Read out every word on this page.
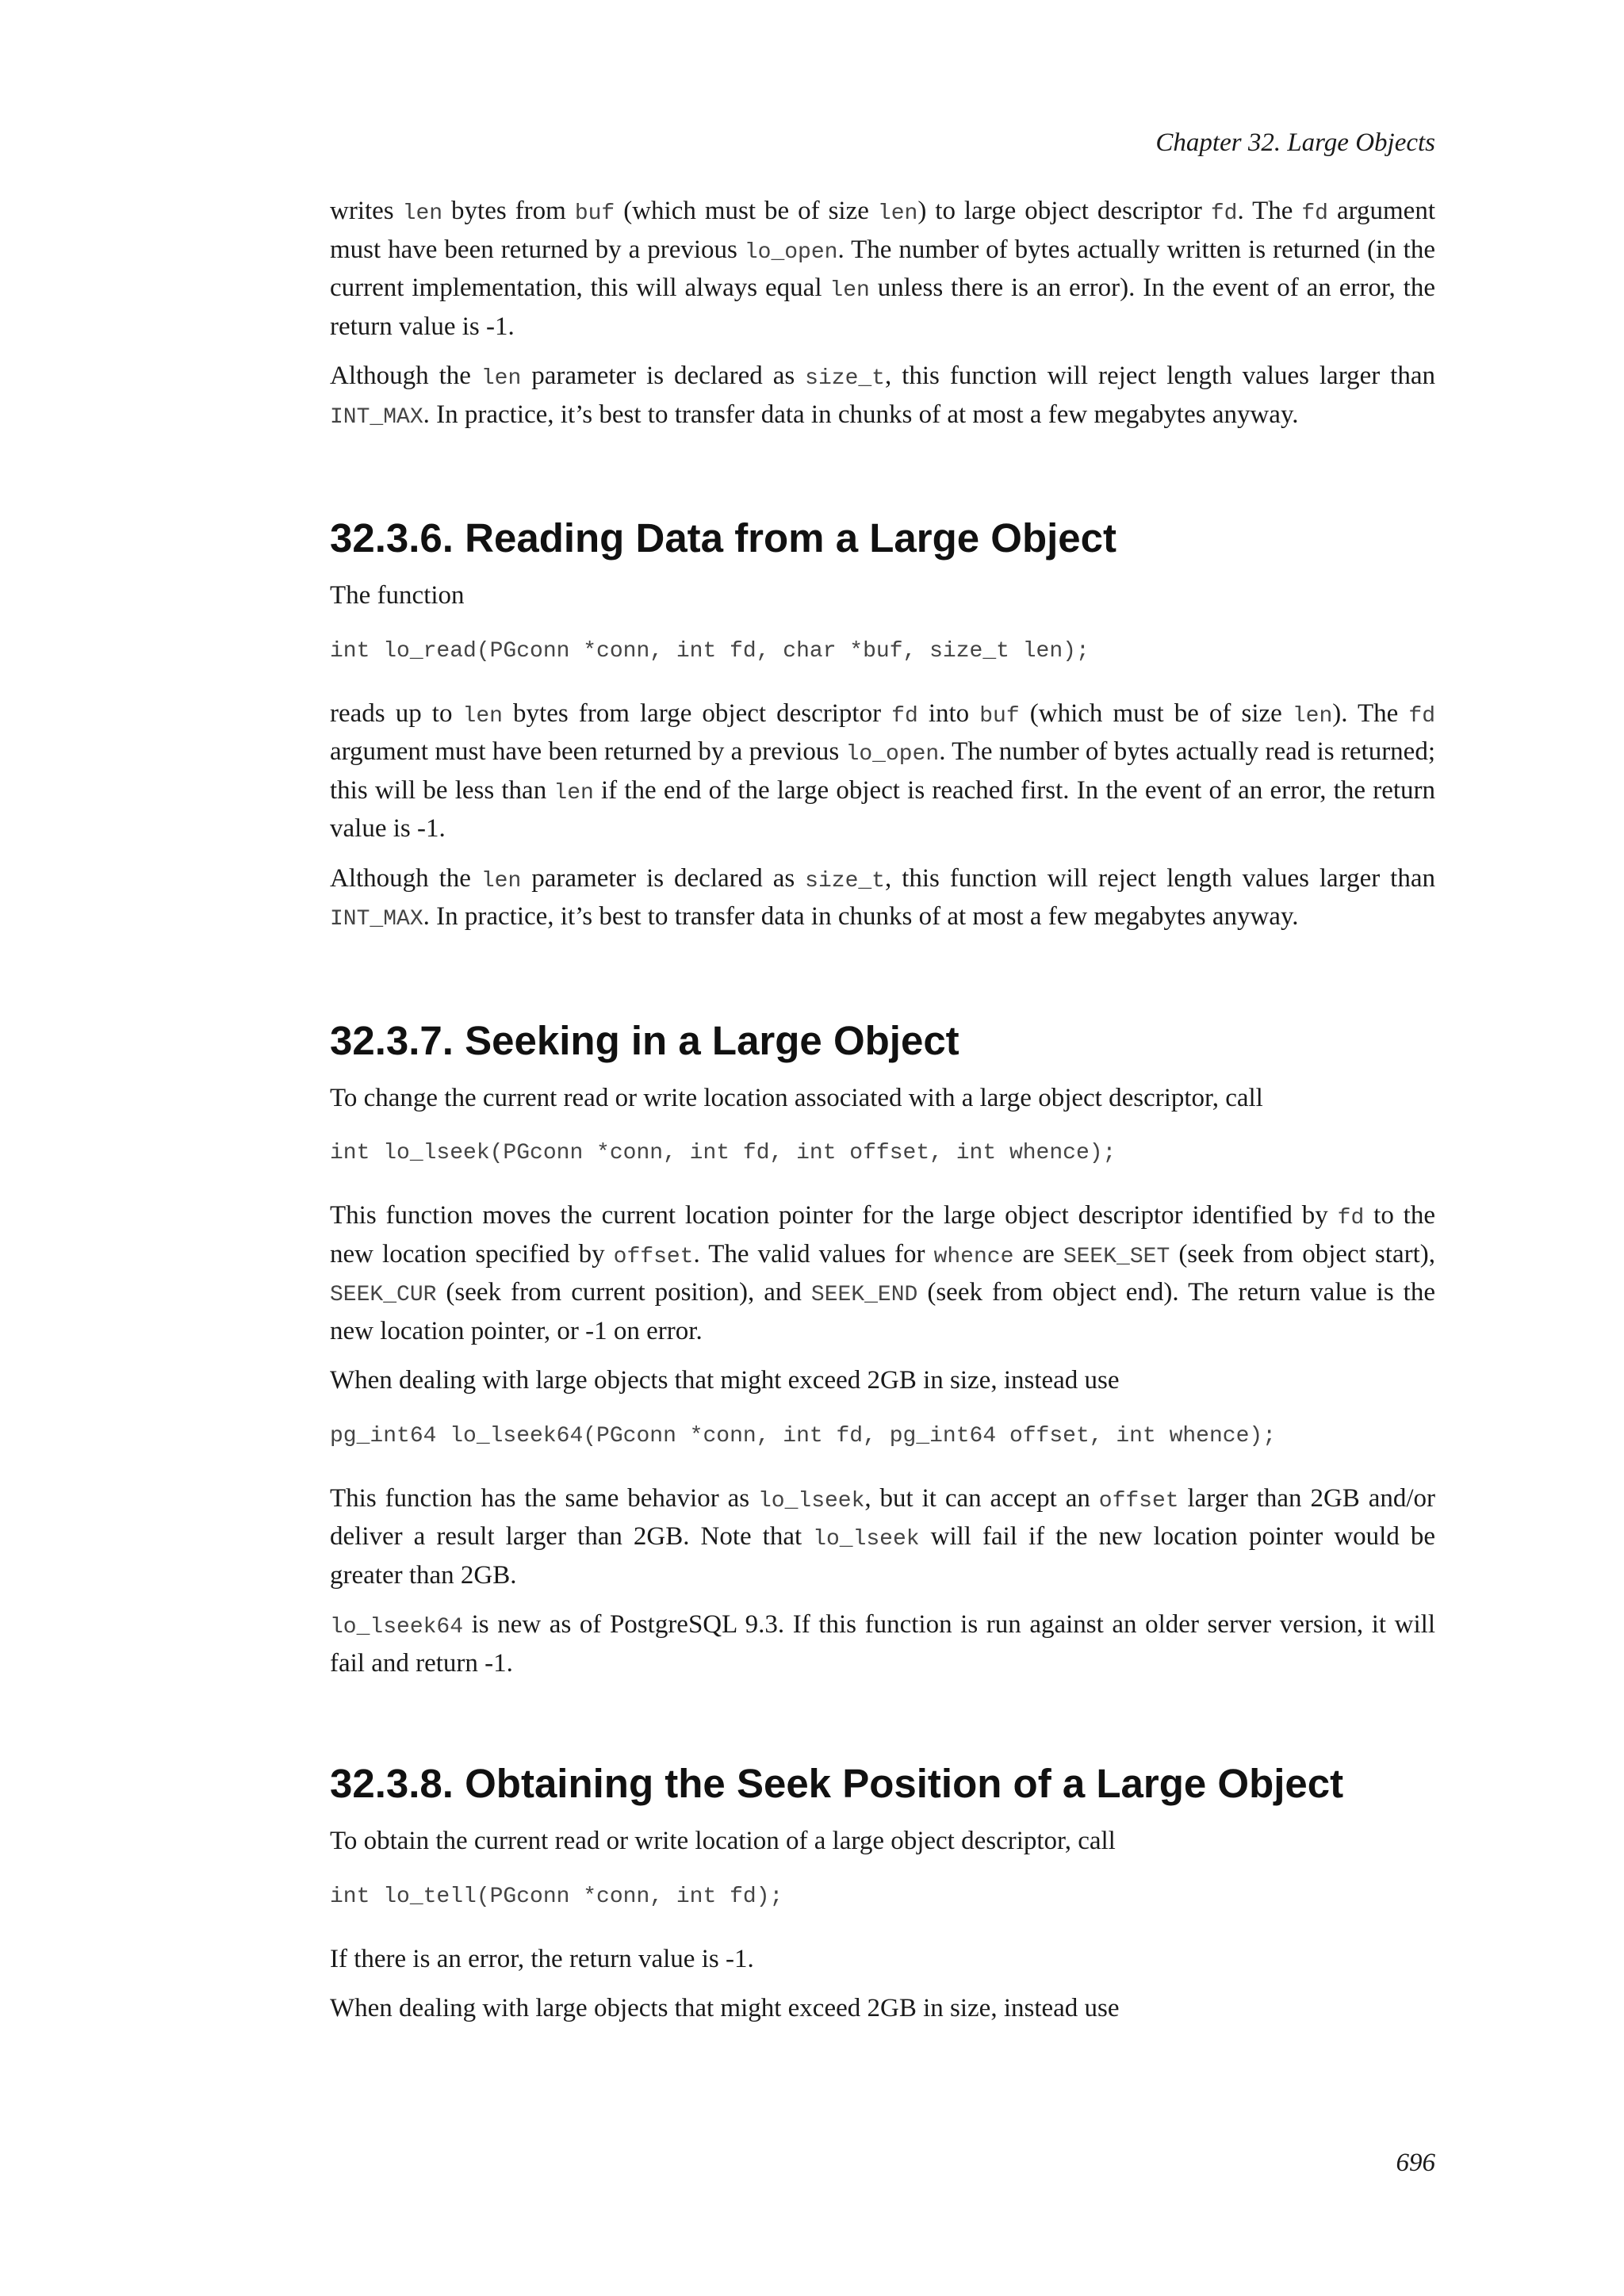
Chapter 32. Large Objects

writes len bytes from buf (which must be of size len) to large object descriptor fd. The fd argument must have been returned by a previous lo_open. The number of bytes actually written is returned (in the current implementation, this will always equal len unless there is an error). In the event of an error, the return value is -1.

Although the len parameter is declared as size_t, this function will reject length values larger than INT_MAX. In practice, it’s best to transfer data in chunks of at most a few megabytes anyway.

32.3.6. Reading Data from a Large Object

The function

int lo_read(PGconn *conn, int fd, char *buf, size_t len);

reads up to len bytes from large object descriptor fd into buf (which must be of size len). The fd argument must have been returned by a previous lo_open. The number of bytes actually read is returned; this will be less than len if the end of the large object is reached first. In the event of an error, the return value is -1.

Although the len parameter is declared as size_t, this function will reject length values larger than INT_MAX. In practice, it’s best to transfer data in chunks of at most a few megabytes anyway.

32.3.7. Seeking in a Large Object

To change the current read or write location associated with a large object descriptor, call

int lo_lseek(PGconn *conn, int fd, int offset, int whence);

This function moves the current location pointer for the large object descriptor identified by fd to the new location specified by offset. The valid values for whence are SEEK_SET (seek from object start), SEEK_CUR (seek from current position), and SEEK_END (seek from object end). The return value is the new location pointer, or -1 on error.

When dealing with large objects that might exceed 2GB in size, instead use

pg_int64 lo_lseek64(PGconn *conn, int fd, pg_int64 offset, int whence);

This function has the same behavior as lo_lseek, but it can accept an offset larger than 2GB and/or deliver a result larger than 2GB. Note that lo_lseek will fail if the new location pointer would be greater than 2GB.

lo_lseek64 is new as of PostgreSQL 9.3. If this function is run against an older server version, it will fail and return -1.

32.3.8. Obtaining the Seek Position of a Large Object

To obtain the current read or write location of a large object descriptor, call

int lo_tell(PGconn *conn, int fd);

If there is an error, the return value is -1.

When dealing with large objects that might exceed 2GB in size, instead use

696
